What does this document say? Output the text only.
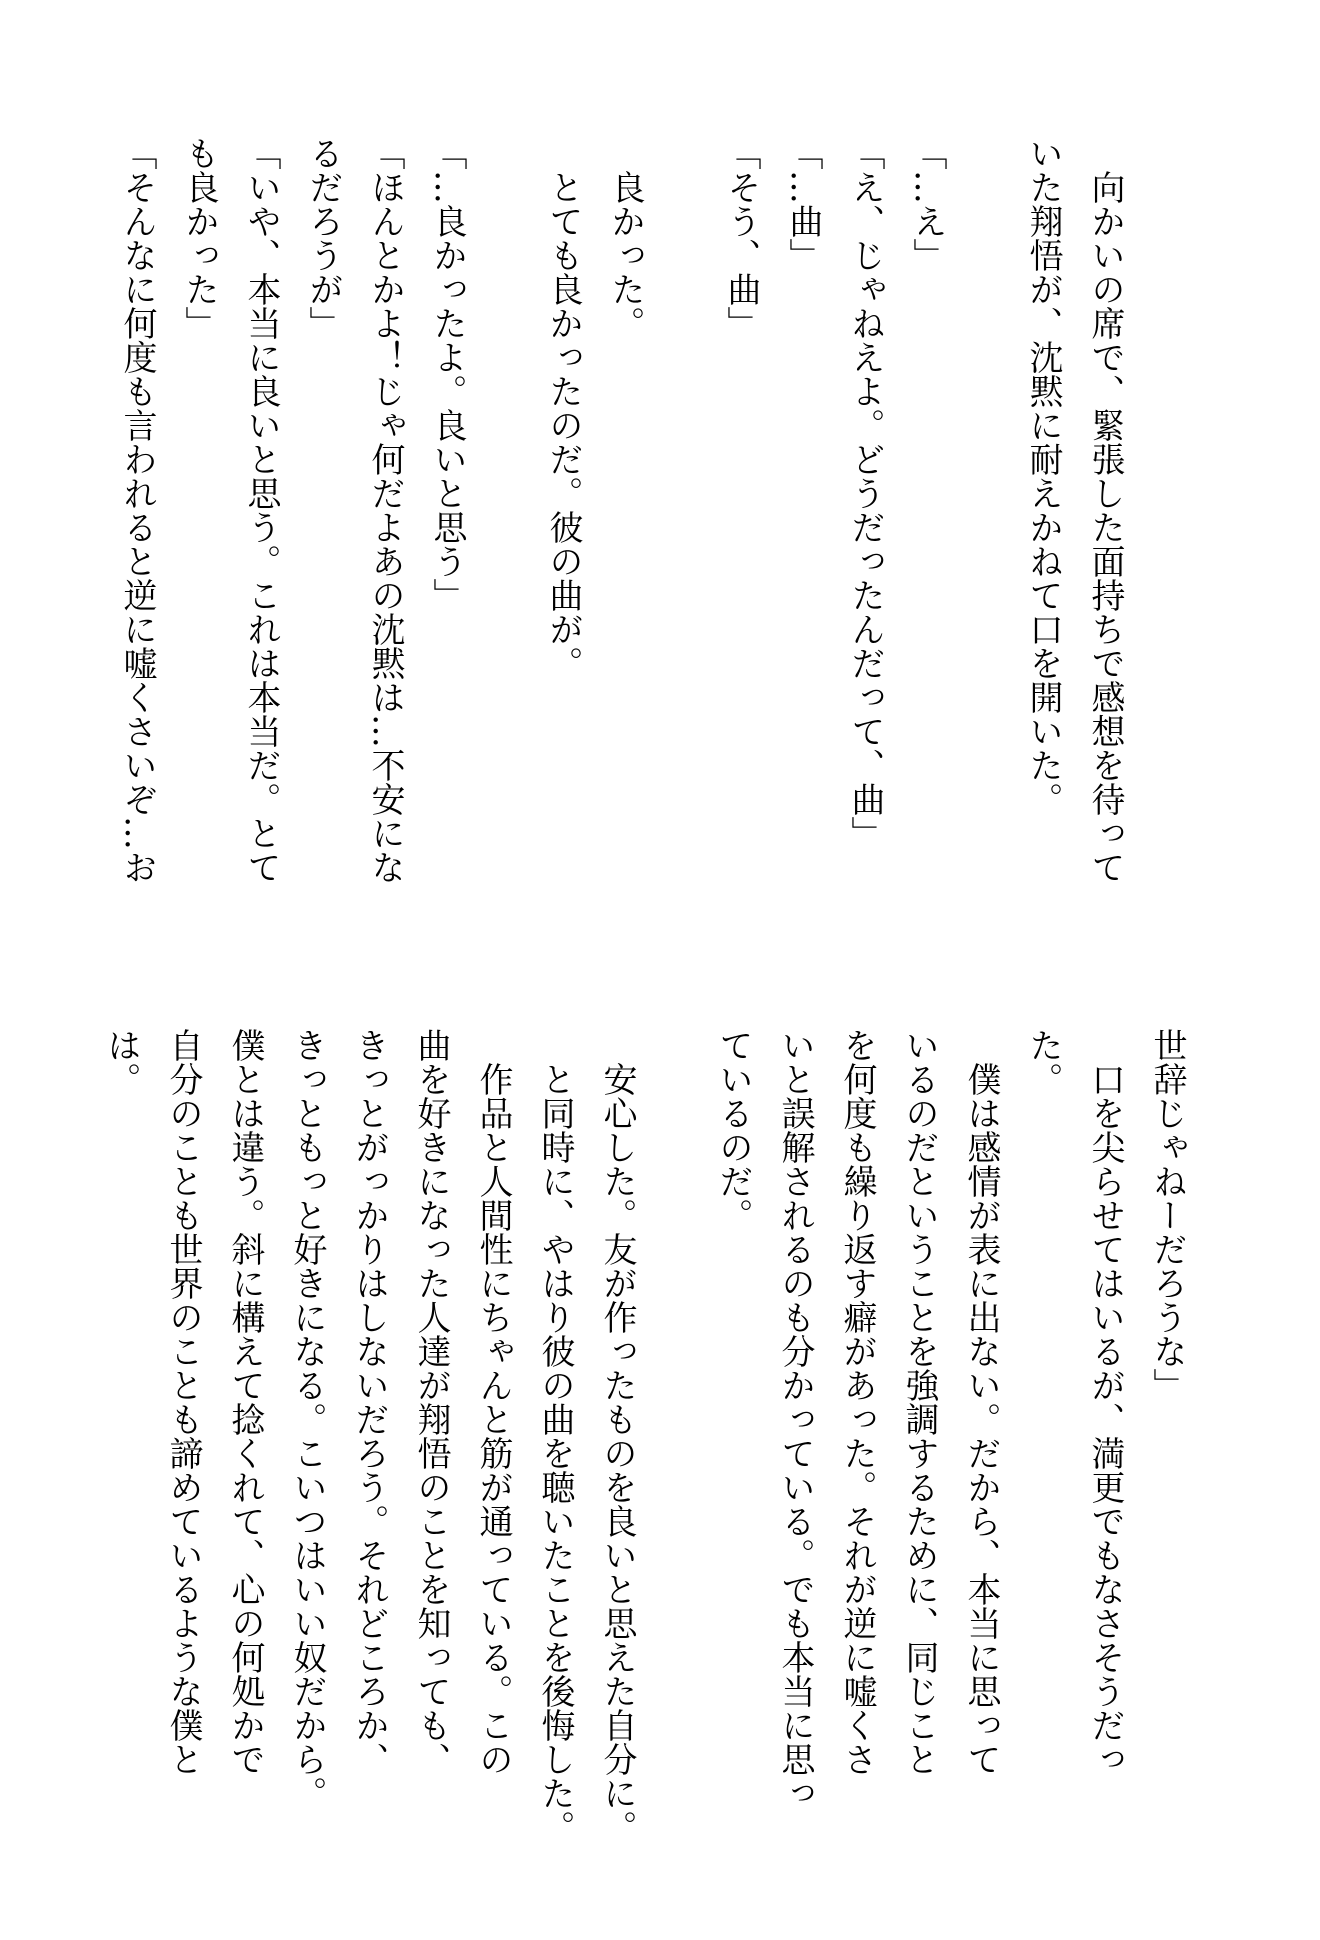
向かいの席で、緊張した面持ちで感想を待って

いた翔悟が、沈黙に耐えかねて口を開いた。

「…え」

「え、じゃねえよ。どうだったんだって、曲」

「…曲」

「そう、曲」

良かった。

とても良かったのだ。彼の曲が。

「…良かったよ。良いと思う」

「ほんとかよ！じゃ何だよあの沈黙は…不安にな

るだろうが」

「いや、本当に良いと思う。これは本当だ。とて

も良かった」

「そんなに何度も言われると逆に嘘くさいぞ…お

世辞じゃねーだろうな」

口を尖らせてはいるが、満更でもなさそうだっ

た。

僕は感情が表に出ない。だから、本当に思って

いるのだということを強調するために、同じこと

を何度も繰り返す癖があった。それが逆に嘘くさ

いと誤解されるのも分かっている。でも本当に思っ

ているのだ。

安心した。友が作ったものを良いと思えた自分に。

と同時に、やはり彼の曲を聴いたことを後悔した。

作品と人間性にちゃんと筋が通っている。この

曲を好きになった人達が翔悟のことを知っても、

きっとがっかりはしないだろう。それどころか、

きっともっと好きになる。こいつはいい奴だから。

僕とは違う。斜に構えて捻くれて、心の何処かで

自分のことも世界のことも諦めているような僕と

は。
